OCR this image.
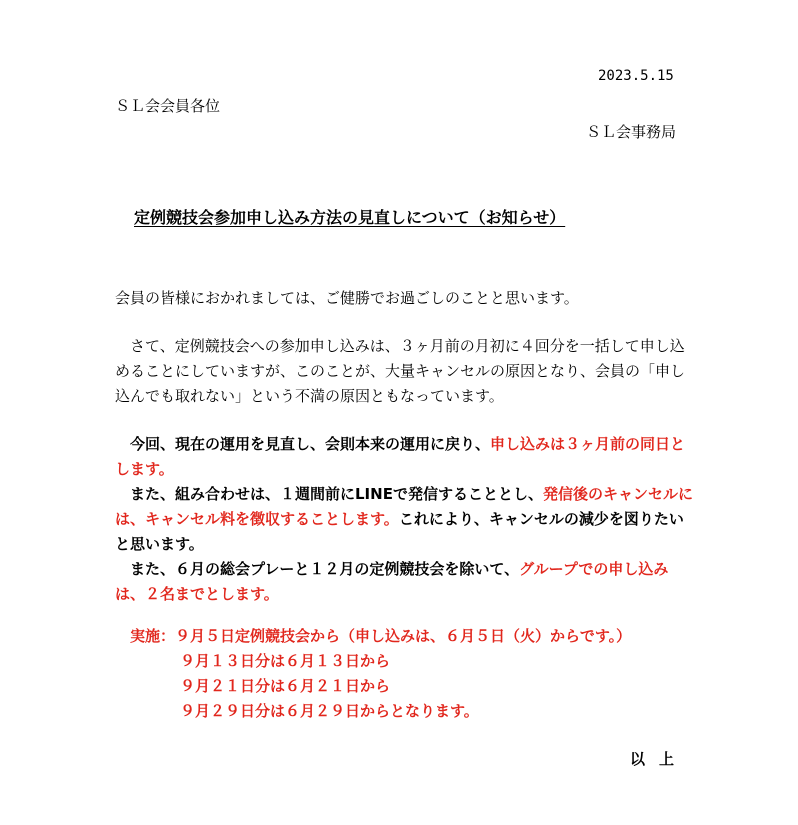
2023.5.15
ＳＬ会会員各位
ＳＬ会事務局
定例競技会参加申し込み方法の見直しについて（お知らせ）
会員の皆様におかれましては、ご健勝でお過ごしのことと思います。
　さて、定例競技会への参加申し込みは、３ヶ月前の月初に４回分を一括して申し込めることにしていますが、このことが、大量キャンセルの原因となり、会員の「申し込んでも取れない」という不満の原因ともなっています。
　今回、現在の運用を見直し、会則本来の運用に戻り、申し込みは３ヶ月前の同日とします。
　また、組み合わせは、１週間前にLINEで発信することとし、発信後のキャンセルには、キャンセル料を徴収することします。これにより、キャンセルの減少を図りたいと思います。
　また、６月の総会プレーと１２月の定例競技会を除いて、グループでの申し込みは、２名までとします。
実施：９月５日定例競技会から（申し込みは、６月５日（火）からです。）
９月１３日分は６月１３日から
９月２１日分は６月２１日から
９月２９日分は６月２９日からとなります。
以上
